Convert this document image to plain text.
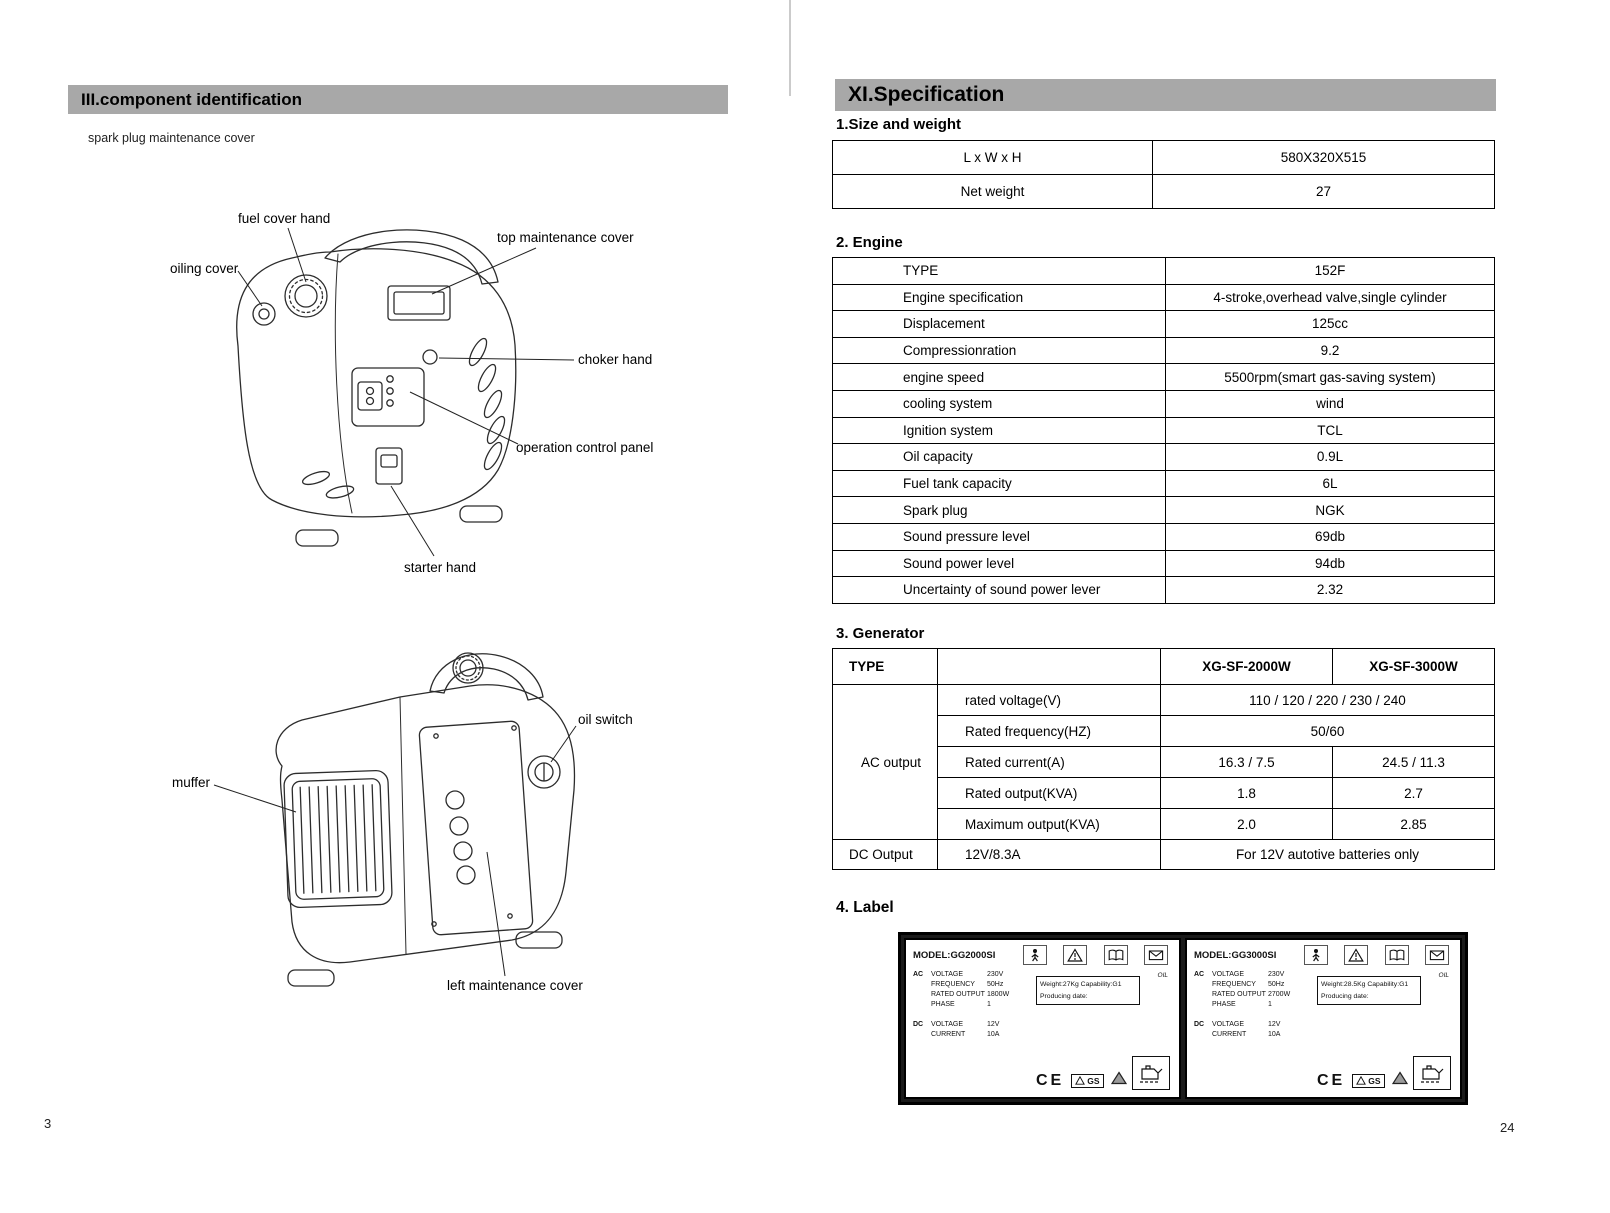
III.component identification
spark plug maintenance cover
fuel cover hand
oiling cover
top maintenance cover
choker hand
operation control panel
starter hand
oil switch
muffer
left maintenance cover
3
XI.Specification
1.Size and weight
L x W x H	580X320X515
Net weight	27
2. Engine
TYPE	152F
Engine specification	4-stroke,overhead valve,single cylinder
Displacement	125cc
Compressionration	9.2
engine speed	5500rpm(smart gas-saving system)
cooling system	wind
Ignition system	TCL
Oil capacity	0.9L
Fuel tank capacity	6L
Spark plug	NGK
Sound pressure level	69db
Sound power level	94db
Uncertainty of sound power lever	2.32
3. Generator
TYPE		XG-SF-2000W	XG-SF-3000W
AC output	rated voltage(V)	110 / 120 / 220 / 230 / 240	
	Rated frequency(HZ)	50/60	
	Rated current(A)	16.3 / 7.5	24.5 / 11.3
	Rated output(KVA)	1.8	2.7
	Maximum output(KVA)	2.0	2.85
DC Output	12V/8.3A	For 12V autotive batteries only	
4. Label
MODEL:GG2000SI
AC	VOLTAGE	230V
FREQUENCY	50Hz
RATED OUTPUT 1800W
PHASE	1
DC	VOLTAGE	12V
CURRENT	10A
Weight:27Kg Capability:G1
Producing date:
CE	GS
OIL
MODEL:GG3000SI
AC	VOLTAGE	230V
FREQUENCY	50Hz
RATED OUTPUT 2700W
PHASE	1
DC	VOLTAGE	12V
CURRENT	10A
Weight:28.5Kg Capability:G1
Producing date:
CE	GS
OIL
24
